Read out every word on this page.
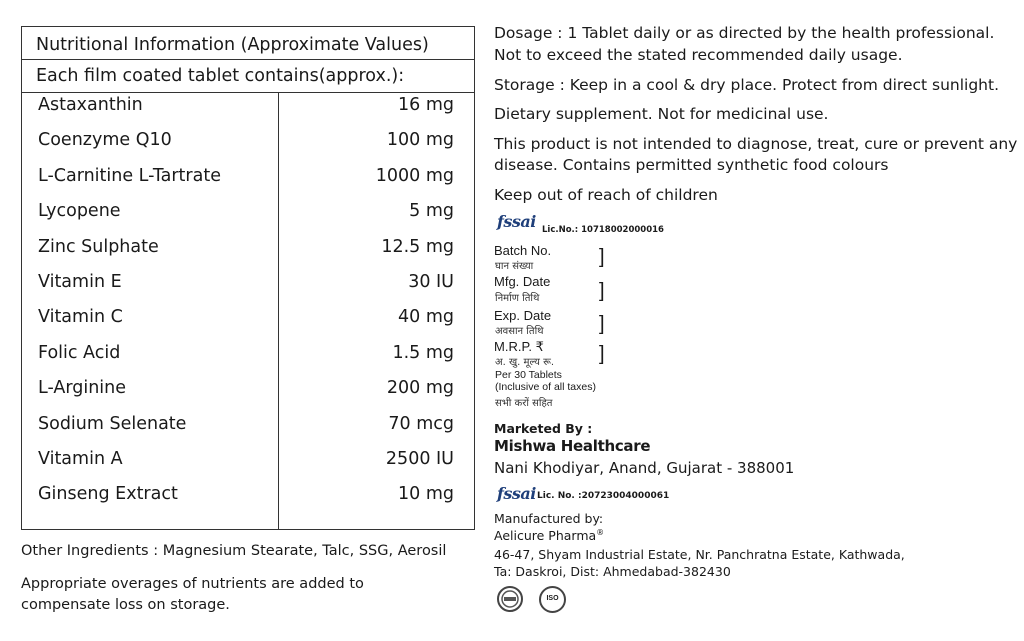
Nutritional Information (Approximate Values)
Each film coated tablet contains(approx.):
Astaxanthin	16 mg
Coenzyme Q10	100 mg
L-Carnitine L-Tartrate	1000 mg
Lycopene	5 mg
Zinc Sulphate	12.5 mg
Vitamin E	30 IU
Vitamin C	40 mg
Folic Acid	1.5 mg
L-Arginine	200 mg
Sodium Selenate	70 mcg
Vitamin A	2500 IU
Ginseng Extract	10 mg
Other Ingredients : Magnesium Stearate, Talc, SSG, Aerosil
Appropriate overages of nutrients are added to
compensate loss on storage.
Dosage : 1 Tablet daily or as directed by the health professional.
Not to exceed the stated recommended daily usage.
Storage : Keep in a cool & dry place. Protect from direct sunlight.
Dietary supplement. Not for medicinal use.
This product is not intended to diagnose, treat, cure or prevent any
disease. Contains permitted synthetic food colours
Keep out of reach of children
fssai Lic.No.: 10718002000016
Batch No.
घान संख्या	]
Mfg. Date
निर्माण तिथि	]
Exp. Date
अवसान तिथि	]
M.R.P. ₹
अ. खु. मूल्य रू. ]
Per 30 Tablets
(Inclusive of all taxes)
सभी करों सहित
Marketed By :
Mishwa Healthcare
Nani Khodiyar, Anand, Gujarat - 388001
fssai Lic. No. :20723004000061
Manufactured by:
Aelicure Pharma®
46-47, Shyam Industrial Estate, Nr. Panchratna Estate, Kathwada,
Ta: Daskroi, Dist: Ahmedabad-382430
ISO
